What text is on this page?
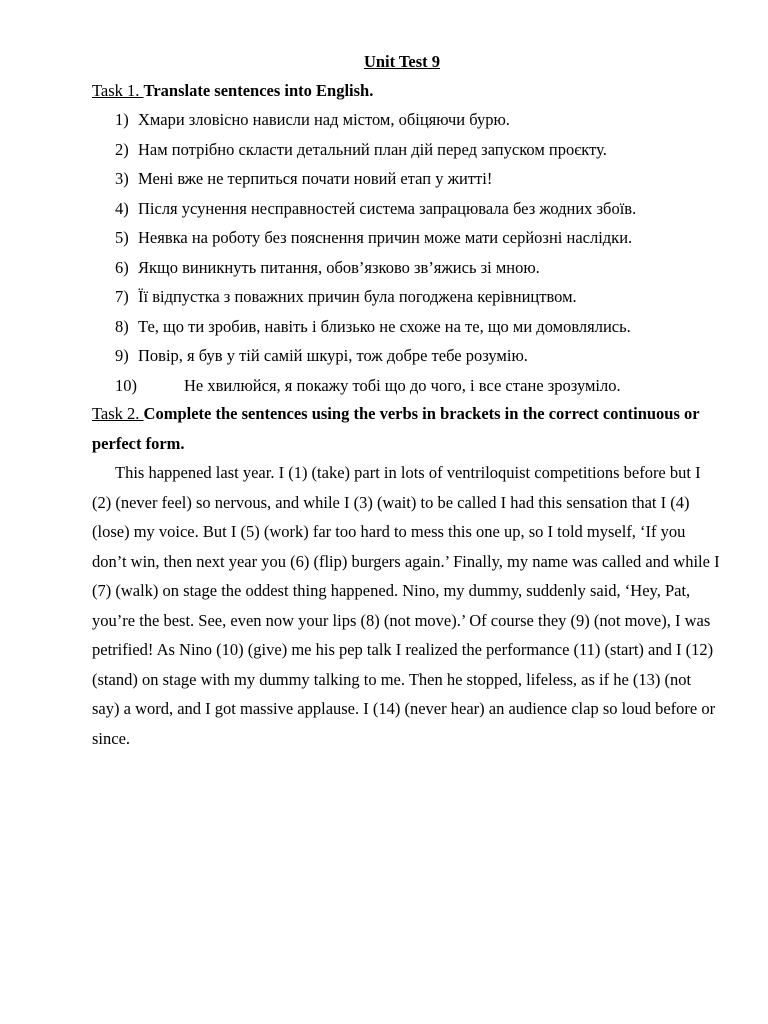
Unit Test 9
Task 1. Translate sentences into English.
1) Хмари зловісно нависли над містом, обіцяючи бурю.
2) Нам потрібно скласти детальний план дій перед запуском проєкту.
3) Мені вже не терпиться почати новий етап у житті!
4) Після усунення несправностей система запрацювала без жодних збоїв.
5) Неявка на роботу без пояснення причин може мати серйозні наслідки.
6) Якщо виникнуть питання, обов’язково зв’яжись зі мною.
7) Її відпустка з поважних причин була погоджена керівництвом.
8) Те, що ти зробив, навіть і близько не схоже на те, що ми домовлялись.
9) Повір, я був у тій самій шкурі, тож добре тебе розумію.
10)	Не хвилюйся, я покажу тобі що до чого, і все стане зрозуміло.
Task 2. Complete the sentences using the verbs in brackets in the correct continuous or perfect form.

This happened last year. I (1) (take) part in lots of ventriloquist competitions before but I (2) (never feel) so nervous, and while I (3) (wait) to be called I had this sensation that I (4) (lose) my voice. But I (5) (work) far too hard to mess this one up, so I told myself, ‘If you don’t win, then next year you (6) (flip) burgers again.’ Finally, my name was called and while I (7) (walk) on stage the oddest thing happened. Nino, my dummy, suddenly said, ‘Hey, Pat, you’re the best. See, even now your lips (8) (not move).’ Of course they (9) (not move), I was petrified! As Nino (10) (give) me his pep talk I realized the performance (11) (start) and I (12) (stand) on stage with my dummy talking to me. Then he stopped, lifeless, as if he (13) (not say) a word, and I got massive applause. I (14) (never hear) an audience clap so loud before or since.
